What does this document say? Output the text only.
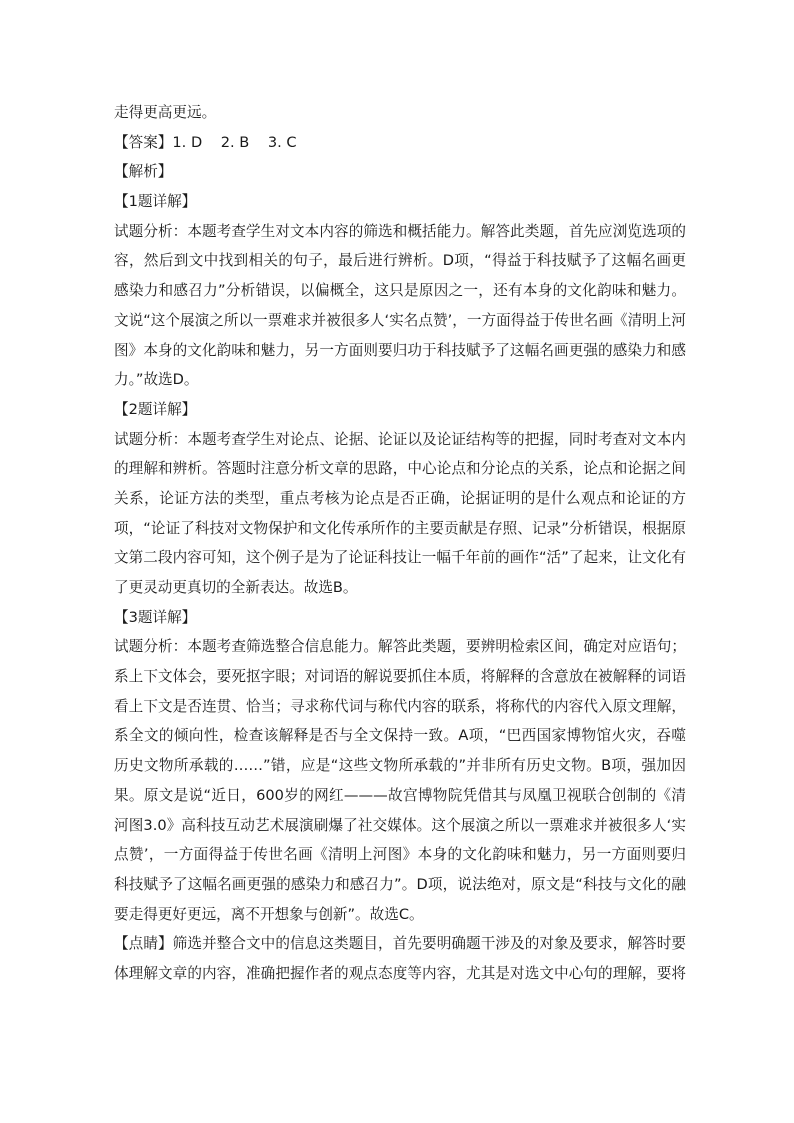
走得更高更远。
【答案】1. D    2. B    3. C
【解析】
【1题详解】
试题分析：本题考查学生对文本内容的筛选和概括能力。解答此类题，首先应浏览选项的
容，然后到文中找到相关的句子，最后进行辨析。D项，“得益于科技赋予了这幅名画更
感染力和感召力”分析错误，以偏概全，这只是原因之一，还有本身的文化韵味和魅力。
文说“这个展演之所以一票难求并被很多人‘实名点赞’，一方面得益于传世名画《清明上河
图》本身的文化韵味和魅力，另一方面则要归功于科技赋予了这幅名画更强的感染力和感
力。”故选D。
【2题详解】
试题分析：本题考查学生对论点、论据、论证以及论证结构等的把握，同时考查对文本内
的理解和辨析。答题时注意分析文章的思路，中心论点和分论点的关系，论点和论据之间
关系，论证方法的类型，重点考核为论点是否正确，论据证明的是什么观点和论证的方
项，“论证了科技对文物保护和文化传承所作的主要贡献是存照、记录”分析错误，根据原
文第二段内容可知，这个例子是为了论证科技让一幅千年前的画作“活”了起来，让文化有
了更灵动更真切的全新表达。故选B。
【3题详解】
试题分析：本题考查筛选整合信息能力。解答此类题，要辨明检索区间，确定对应语句；
系上下文体会，要死抠字眼；对词语的解说要抓住本质，将解释的含意放在被解释的词语
看上下文是否连贯、恰当；寻求称代词与称代内容的联系，将称代的内容代入原文理解，
系全文的倾向性，检查该解释是否与全文保持一致。A项，“巴西国家博物馆火灾，吞噬
历史文物所承载的……”错，应是“这些文物所承载的”并非所有历史文物。B项，强加因
果。原文是说“近日，600岁的网红———故宫博物院凭借其与凤凰卫视联合创制的《清
河图3.0》高科技互动艺术展演刷爆了社交媒体。这个展演之所以一票难求并被很多人‘实
点赞’，一方面得益于传世名画《清明上河图》本身的文化韵味和魅力，另一方面则要归
科技赋予了这幅名画更强的感染力和感召力”。D项，说法绝对，原文是“科技与文化的融
要走得更好更远，离不开想象与创新”。故选C。
【点睛】筛选并整合文中的信息这类题目，首先要明确题干涉及的对象及要求，解答时要
体理解文章的内容，准确把握作者的观点态度等内容，尤其是对选文中心句的理解，要将
